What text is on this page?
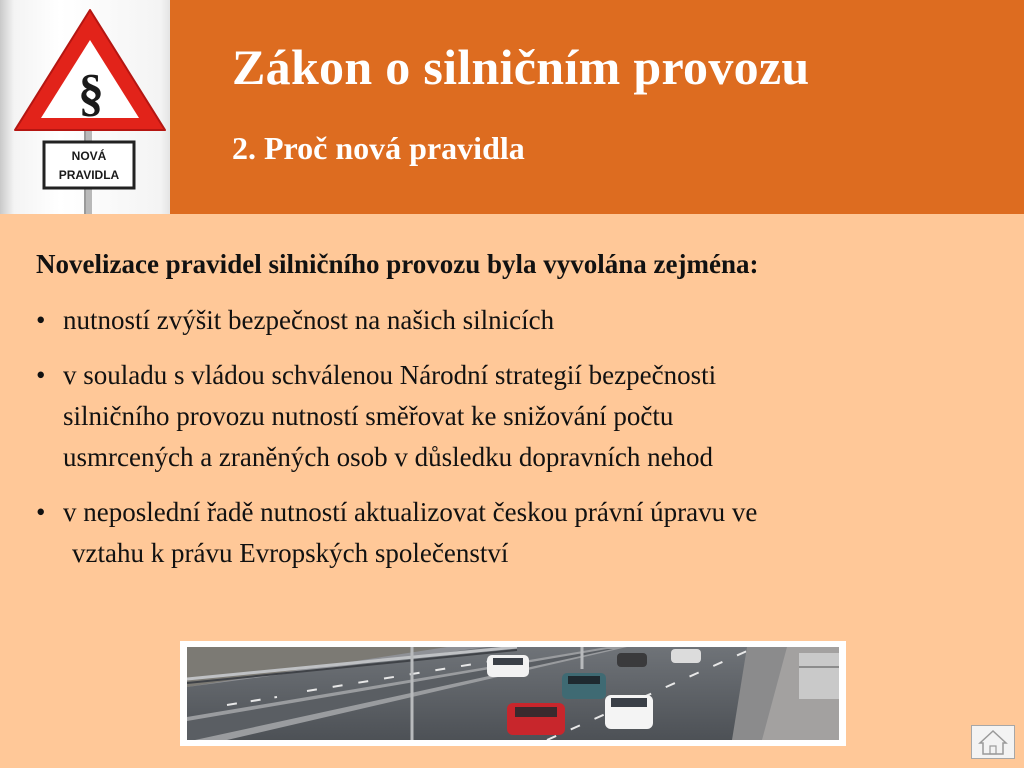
§
NOVÁ
PRAVIDLA
Zákon o silničním provozu
2. Proč nová pravidla

Novelizace pravidel silničního provozu byla vyvolána zejména:

• nutností zvýšit bezpečnost na našich silnicích
• v souladu s vládou schválenou Národní strategií bezpečnosti
silničního provozu nutností směřovat ke snižování počtu
usmrcených a zraněných osob v důsledku dopravních nehod
• v neposlední řadě nutností aktualizovat českou právní úpravu ve
vztahu k právu Evropských společenství
